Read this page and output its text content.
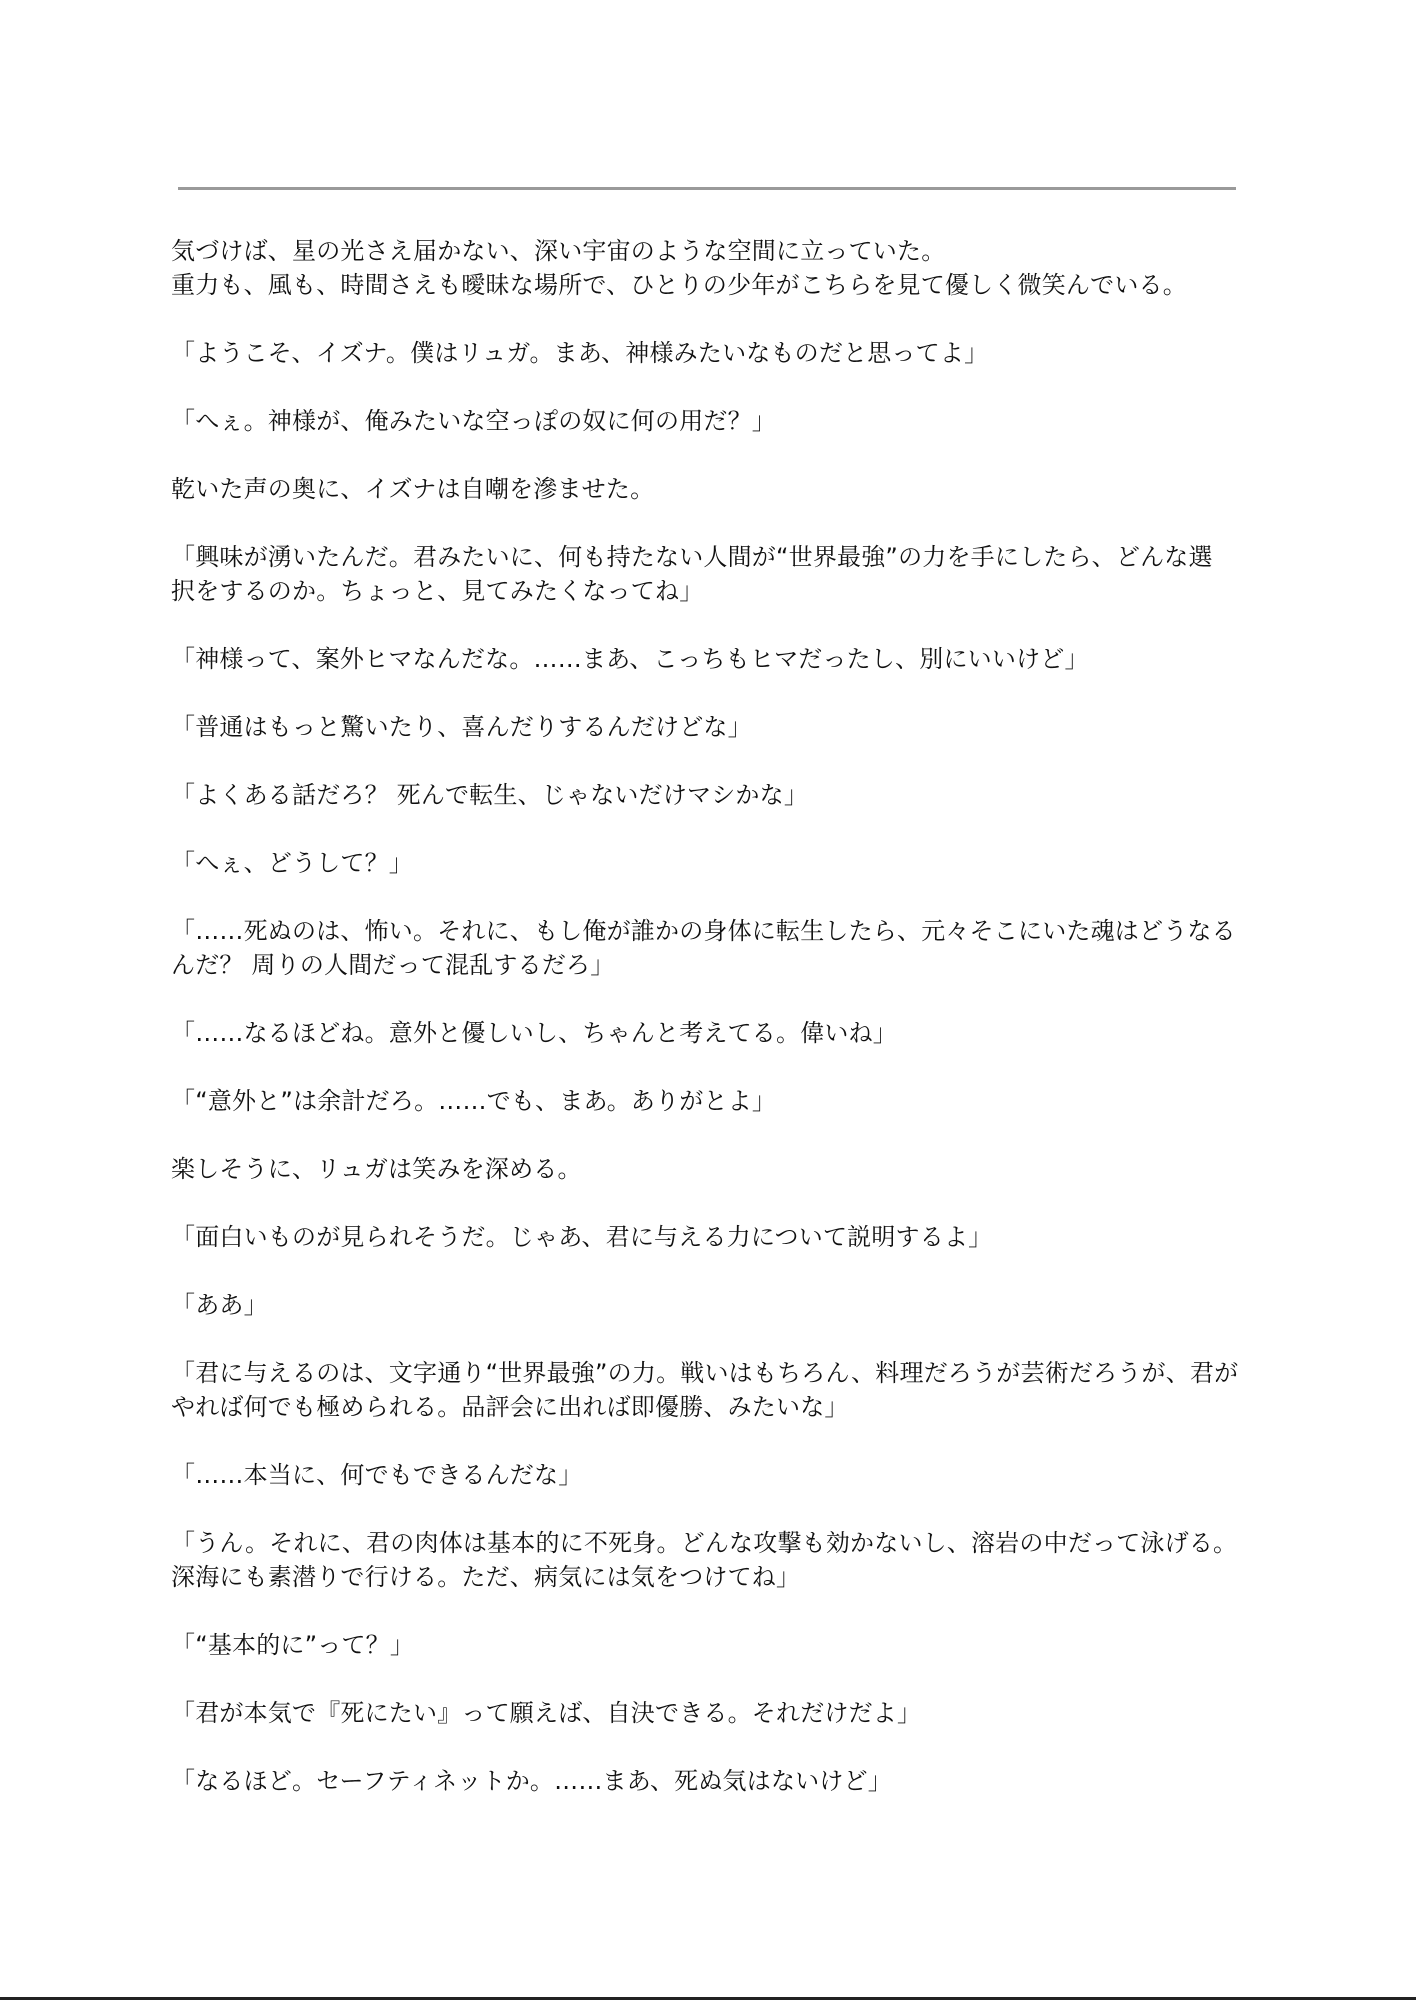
気づけば、星の光さえ届かない、深い宇宙のような空間に立っていた。
重力も、風も、時間さえも曖昧な場所で、ひとりの少年がこちらを見て優しく微笑んでいる。

「ようこそ、イズナ。僕はリュガ。まあ、神様みたいなものだと思ってよ」

「へぇ。神様が、俺みたいな空っぽの奴に何の用だ？」

乾いた声の奥に、イズナは自嘲を滲ませた。

「興味が湧いたんだ。君みたいに、何も持たない人間が“世界最強”の力を手にしたら、どんな選
択をするのか。ちょっと、見てみたくなってね」

「神様って、案外ヒマなんだな。……まあ、こっちもヒマだったし、別にいいけど」

「普通はもっと驚いたり、喜んだりするんだけどな」

「よくある話だろ？ 死んで転生、じゃないだけマシかな」

「へぇ、どうして？」

「……死ぬのは、怖い。それに、もし俺が誰かの身体に転生したら、元々そこにいた魂はどうなる
んだ？ 周りの人間だって混乱するだろ」

「……なるほどね。意外と優しいし、ちゃんと考えてる。偉いね」

「“意外と”は余計だろ。……でも、まあ。ありがとよ」

楽しそうに、リュガは笑みを深める。

「面白いものが見られそうだ。じゃあ、君に与える力について説明するよ」

「ああ」

「君に与えるのは、文字通り“世界最強”の力。戦いはもちろん、料理だろうが芸術だろうが、君が
やれば何でも極められる。品評会に出れば即優勝、みたいな」

「……本当に、何でもできるんだな」

「うん。それに、君の肉体は基本的に不死身。どんな攻撃も効かないし、溶岩の中だって泳げる。
深海にも素潜りで行ける。ただ、病気には気をつけてね」

「“基本的に”って？」

「君が本気で『死にたい』って願えば、自決できる。それだけだよ」

「なるほど。セーフティネットか。……まあ、死ぬ気はないけど」
